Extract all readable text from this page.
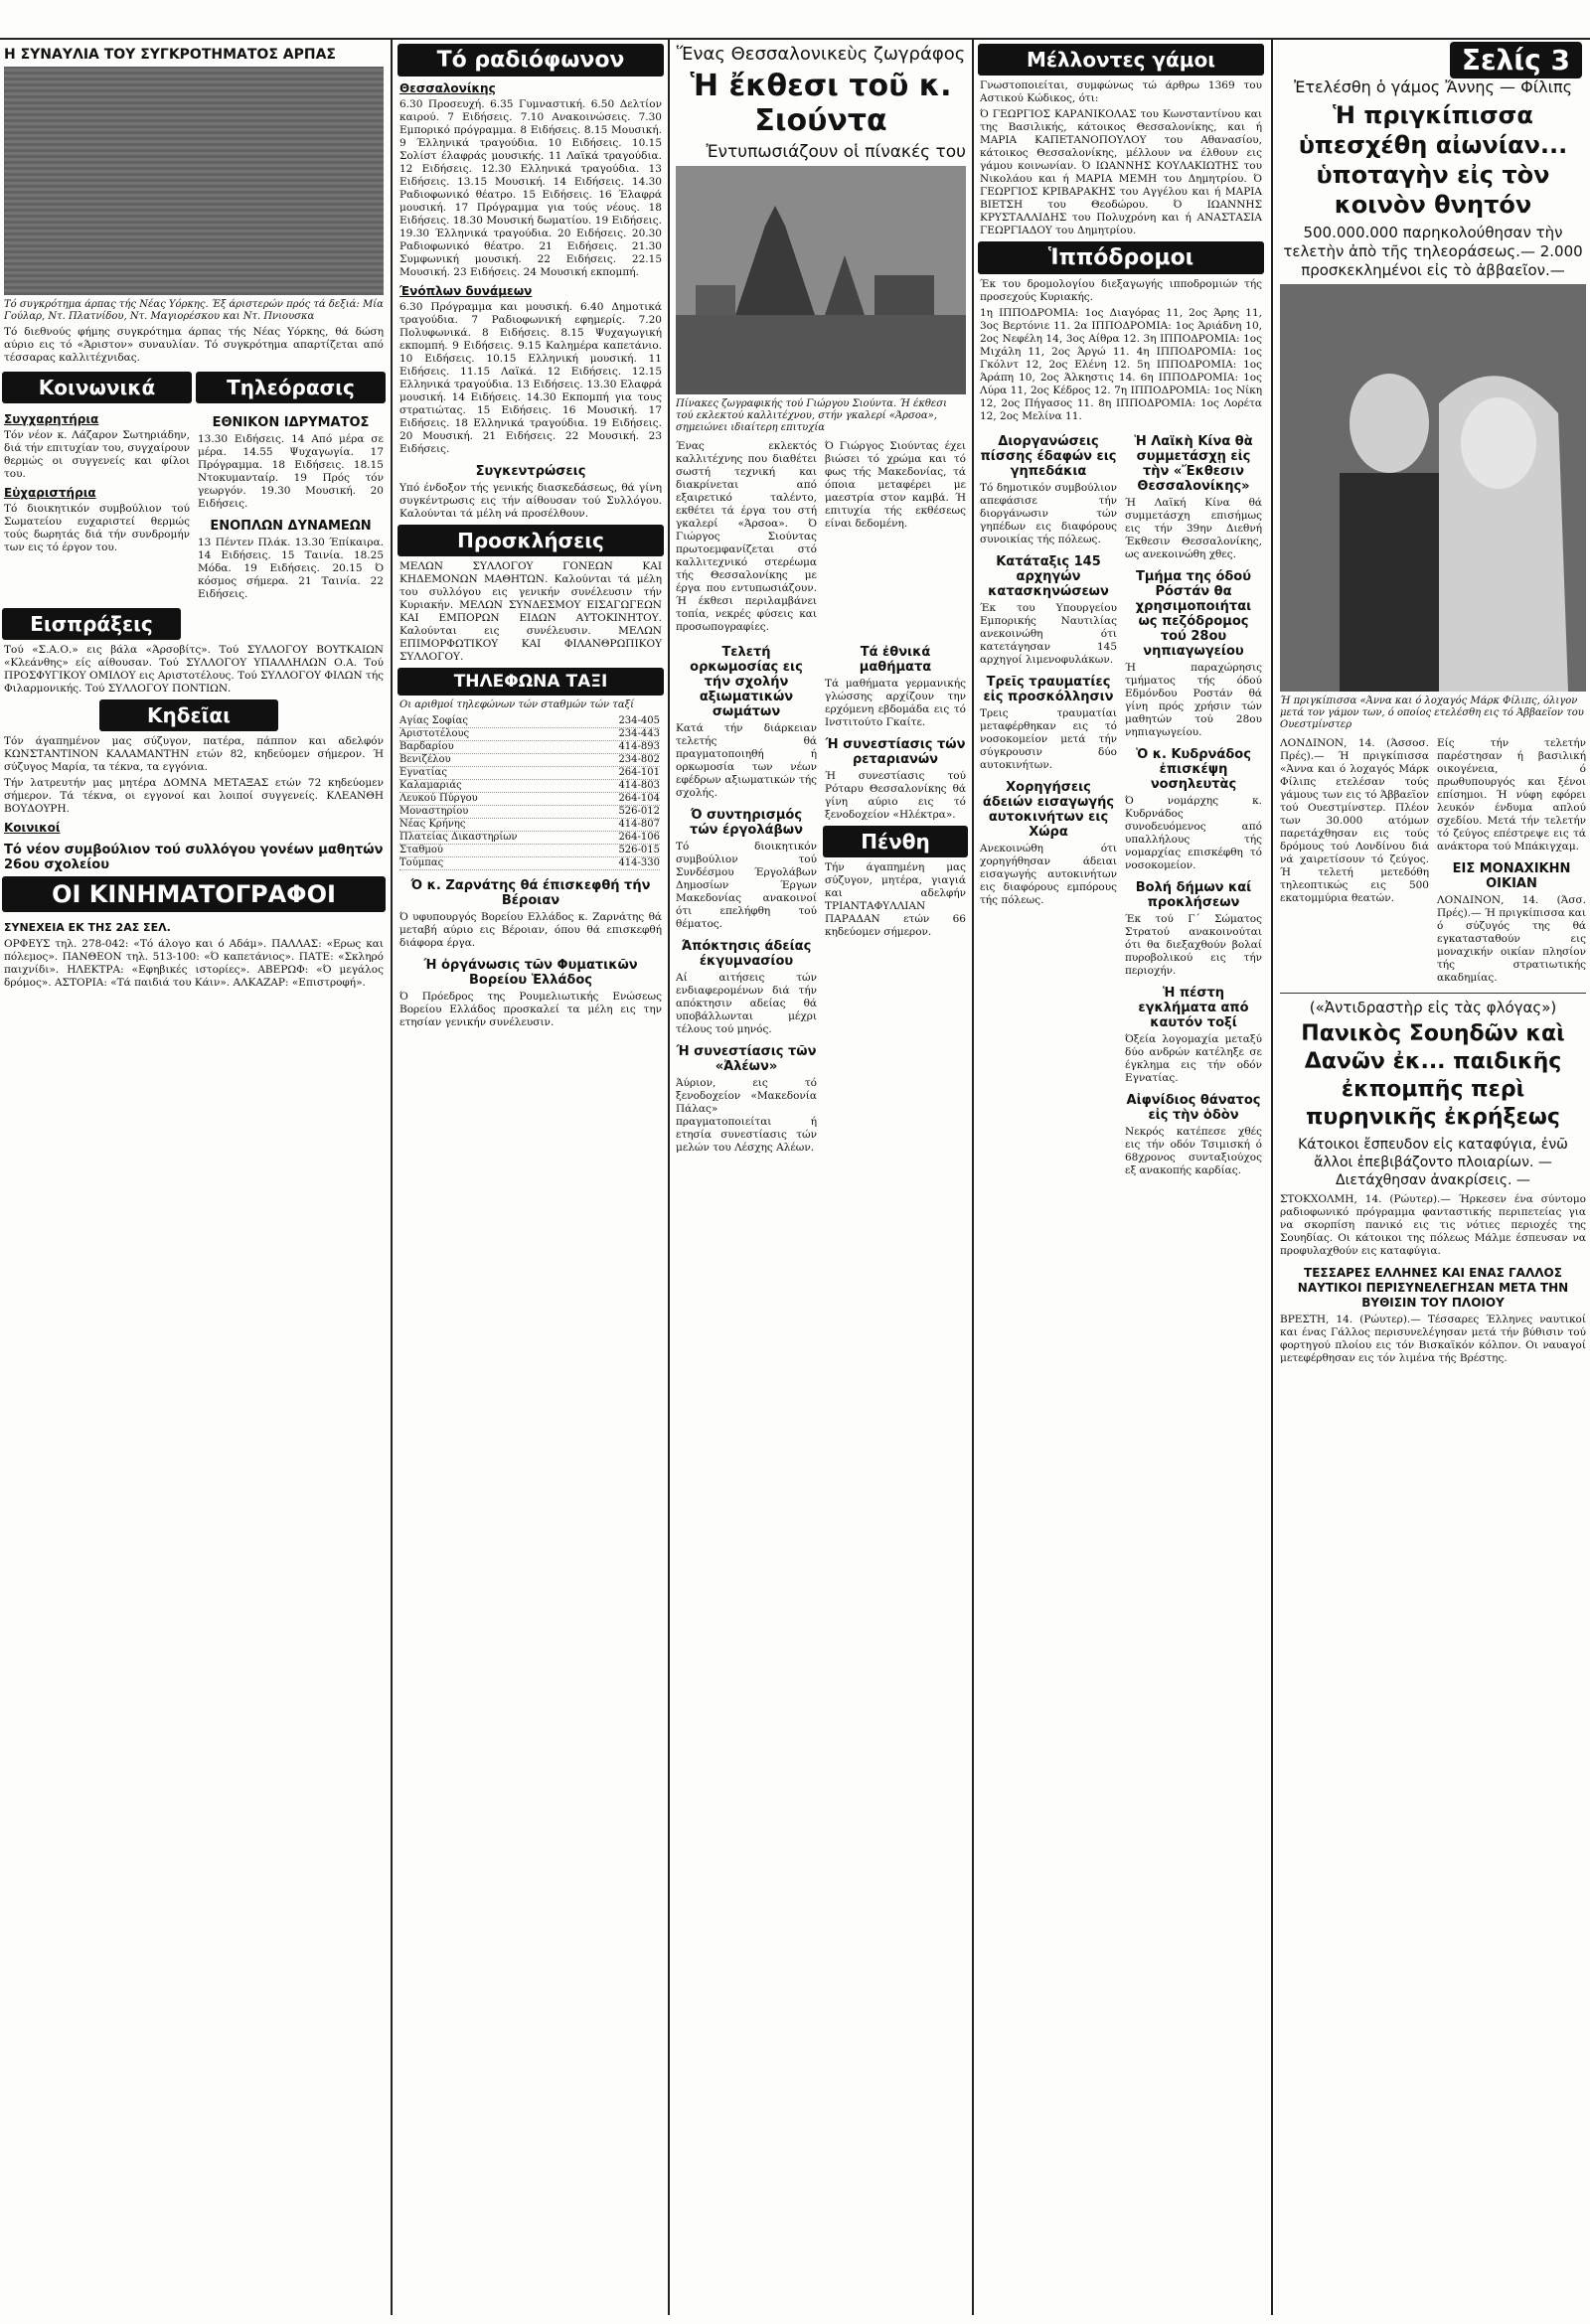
Σελίς 3
Η ΣΥΝΑΥΛΙΑ ΤΟΥ ΣΥΓΚΡΟΤΗΜΑΤΟΣ ΑΡΠΑΣ
Τό συγκρότημα άρπας τής Νέας Υόρκης. Έξ άριστερών πρός τά δεξιά: Μία Γούλαρ, Ντ. Πλατνίδου, Ντ. Μαγιορέσκου και Ντ. Πνιουσκα

Τό διεθνούς φήμης συγκρότημα άρπας τής Νέας Υόρκης, θά δώση αύριο εις τό «Άριστον» συναυλίαν. Τό συγκρότημα απαρτίζεται από τέσσαρας καλλιτέχνιδας.

Κοινωνικά	Τηλεόρασις
Συγχαρητήρια

Τόν νέον κ. Λάζαρον Σωτηριάδην, διά τήν επιτυχίαν του, συγχαίρουν θερμώς οι συγγενείς και φίλοι του.

Εὐχαριστήρια

Τό διοικητικόν συμβούλιον τού Σωματείου ευχαριστεί θερμώς τούς δωρητάς διά τήν συνδρομήν των εις τό έργον του.

ΕΘΝΙΚΟΝ ΙΔΡΥΜΑΤΟΣ

13.30 Ειδήσεις. 14 Από μέρα σε μέρα. 14.55 Ψυχαγωγία. 17 Πρόγραμμα. 18 Ειδήσεις. 18.15 Ντοκυμανταίρ. 19 Πρός τόν γεωργόν. 19.30 Μουσική. 20 Ειδήσεις.

ΕΝΟΠΛΩΝ ΔΥΝΑΜΕΩΝ

13 Πέντεν Πλάκ. 13.30 Έπίκαιρα. 14 Ειδήσεις. 15 Ταινία. 18.25 Μόδα. 19 Ειδήσεις. 20.15 Ό κόσμος σήμερα. 21 Ταινία. 22 Ειδήσεις.

Εισπράξεις

Τού «Σ.Α.Ο.» εις βάλα «Άρσοβίτς». Τού ΣΥΛΛΟΓΟΥ ΒΟΥΤΚΑΙΩΝ «Κλεάνθης» είς αίθουσαν. Τού ΣΥΛΛΟΓΟΥ ΥΠΑΛΛΗΛΩΝ Ο.Α. Τού ΠΡΟΣΦΥΓΙΚΟΥ ΟΜΙΛΟΥ εις Αριστοτέλους. Τού ΣΥΛΛΟΓΟΥ ΦΙΛΩΝ τής Φιλαρμονικής. Τού ΣΥΛΛΟΓΟΥ ΠΟΝΤΙΩΝ.

Κηδεῖαι

Τόν άγαπημένον μας σύζυγον, πατέρα, πάππον και αδελφόν ΚΩΝΣΤΑΝΤΙΝΟΝ ΚΑΛΑΜΑΝΤΗΝ ετών 82, κηδεύομεν σήμερον. Ή σύζυγος Μαρία, τα τέκνα, τα εγγόνια.

Τήν λατρευτήν μας μητέρα ΔΟΜΝΑ ΜΕΤΑΞΑΣ ετών 72 κηδεύομεν σήμερον. Τά τέκνα, οι εγγονοί και λοιποί συγγενείς. ΚΛΕΑΝΘΗ ΒΟΥΔΟΥΡΗ.

Κοινικοί
Τό νέον συμβούλιον τού συλλόγου γονέων μαθητών 26ου σχολείου
ΟΙ ΚΙΝΗΜΑΤΟΓΡΑΦΟΙ
ΣΥΝΕΧΕΙΑ ΕΚ ΤΗΣ 2ΑΣ ΣΕΛ.

ΟΡΦΕΥΣ τηλ. 278-042: «Τό άλογο και ό Αδάμ». ΠΑΛΛΑΣ: «Ερως και πόλεμος». ΠΑΝΘΕΟΝ τηλ. 513-100: «Ό καπετάνιος». ΠΑΤΕ: «Σκληρό παιχνίδι». ΗΛΕΚΤΡΑ: «Εφηβικές ιστορίες». ΑΒΕΡΩΦ: «Ό μεγάλος δρόμος». ΑΣΤΟΡΙΑ: «Τά παιδιά του Κάιν». ΑΛΚΑΖΑΡ: «Επιστροφή».

Τό ραδιόφωνον
Θεσσαλονίκης

6.30 Προσευχή. 6.35 Γυμναστική. 6.50 Δελτίον καιρού. 7 Ειδήσεις. 7.10 Ανακοινώσεις. 7.30 Εμπορικό πρόγραμμα. 8 Ειδήσεις. 8.15 Μουσική. 9 Έλληνικά τραγούδια. 10 Ειδήσεις. 10.15 Σολίστ έλαφράς μουσικής. 11 Λαϊκά τραγούδια. 12 Ειδήσεις. 12.30 Ελληνικά τραγούδια. 13 Ειδήσεις. 13.15 Μουσική. 14 Ειδήσεις. 14.30 Ραδιοφωνικό θέατρο. 15 Ειδήσεις. 16 Έλαφρά μουσική. 17 Πρόγραμμα για τούς νέους. 18 Ειδήσεις. 18.30 Μουσική δωματίου. 19 Ειδήσεις. 19.30 Έλληνικά τραγούδια. 20 Ειδήσεις. 20.30 Ραδιοφωνικό θέατρο. 21 Ειδήσεις. 21.30 Συμφωνική μουσική. 22 Ειδήσεις. 22.15 Μουσική. 23 Ειδήσεις. 24 Μουσική εκπομπή.

Ένόπλων δυνάμεων

6.30 Πρόγραμμα και μουσική. 6.40 Δημοτικά τραγούδια. 7 Ραδιοφωνική εφημερίς. 7.20 Πολυφωνικά. 8 Ειδήσεις. 8.15 Ψυχαγωγική εκπομπή. 9 Ειδήσεις. 9.15 Καλημέρα καπετάνιο. 10 Ειδήσεις. 10.15 Ελληνική μουσική. 11 Ειδήσεις. 11.15 Λαϊκά. 12 Ειδήσεις. 12.15 Ελληνικά τραγούδια. 13 Ειδήσεις. 13.30 Ελαφρά μουσική. 14 Ειδήσεις. 14.30 Εκπομπή για τους στρατιώτας. 15 Ειδήσεις. 16 Μουσική. 17 Ειδήσεις. 18 Ελληνικά τραγούδια. 19 Ειδήσεις. 20 Μουσική. 21 Ειδήσεις. 22 Μουσική. 23 Ειδήσεις.

Συγκεντρώσεις

Υπό ένδοξον τής γενικής διασκεδάσεως, θά γίνη συγκέντρωσις εις τήν αίθουσαν τού Συλλόγου. Καλούνται τά μέλη νά προσέλθουν.

Προσκλήσεις

ΜΕΛΩΝ ΣΥΛΛΟΓΟΥ ΓΟΝΕΩΝ ΚΑΙ ΚΗΔΕΜΟΝΩΝ ΜΑΘΗΤΩΝ. Καλούνται τά μέλη του συλλόγου εις γενικήν συνέλευσιν τήν Κυριακήν. ΜΕΛΩΝ ΣΥΝΔΕΣΜΟΥ ΕΙΣΑΓΩΓΕΩΝ ΚΑΙ ΕΜΠΟΡΩΝ ΕΙΔΩΝ ΑΥΤΟΚΙΝΗΤΟΥ. Καλούνται εις συνέλευσιν. ΜΕΛΩΝ ΕΠΙΜΟΡΦΩΤΙΚΟΥ ΚΑΙ ΦΙΛΑΝΘΡΩΠΙΚΟΥ ΣΥΛΛΟΓΟΥ.

ΤΗΛΕΦΩΝΑ ΤΑΞΙ
Οι αριθμοί τηλεφώνων τών σταθμών τών ταξί
Αγίας Σοφίας	234-405
Αριστοτέλους	234-443
Βαρδαρίου	414-893
Βενιζέλου	234-802
Εγνατίας	264-101
Καλαμαριάς	414-803
Λευκού Πύργου	264-104
Μοναστηρίου	526-012
Νέας Κρήνης	414-807
Πλατείας Δικαστηρίων	264-106
Σταθμού	526-015
Τούμπας	414-330
Ό κ. Ζαρνάτης θά έπισκεφθή τήν Βέροιαν

Ό υφυπουργός Βορείου Ελλάδος κ. Ζαρνάτης θά μεταβή αύριο εις Βέροιαν, όπου θά επισκεφθή διάφορα έργα.

Ή ὀργάνωσις τῶν Φυματικῶν Βορείου Ἑλλάδος

Ό Πρόεδρος της Ρουμελιωτικής Ενώσεως Βορείου Ελλάδος προσκαλεί τα μέλη εις την ετησίαν γενικήν συνέλευσιν.

Ἕνας Θεσσαλονικεὺς ζωγράφος
Ἡ ἔκθεσι τοῦ κ. Σιούντα
Ἐντυπωσιάζουν οἱ πίνακές του
Πίνακες ζωγραφικής τού Γιώργου Σιούντα. Ή έκθεσι τού εκλεκτού καλλιτέχνου, στήν γκαλερί «Άρσοα», σημειώνει ιδιαίτερη επιτυχία

Ένας εκλεκτός καλλιτέχνης που διαθέτει σωστή τεχνική και διακρίνεται από εξαιρετικό ταλέντο, εκθέτει τά έργα του στή γκαλερί «Άρσοα». Ό Γιώργος Σιούντας πρωτοεμφανίζεται στό καλλιτεχνικό στερέωμα τής Θεσσαλονίκης με έργα που εντυπωσιάζουν. Ή έκθεσι περιλαμβάνει τοπία, νεκρές φύσεις και προσωπογραφίες.

Ό Γιώργος Σιούντας έχει βιώσει τό χρώμα και τό φως τής Μακεδονίας, τά όποια μεταφέρει με μαεστρία στον καμβά. Ή επιτυχία τής εκθέσεως είναι δεδομένη.

Τελετή ορκωμοσίας εις τήν σχολήν αξιωματικών σωμάτων

Κατά τήν διάρκειαν τελετής θά πραγματοποιηθή ή ορκωμοσία των νέων εφέδρων αξιωματικών τής σχολής.

Ό συντηρισμός τών έργολάβων

Τό διοικητικόν συμβούλιον τού Συνδέσμου Έργολάβων Δημοσίων Έργων Μακεδονίας ανακοινοί ότι επελήφθη τού θέματος.

Άπόκτησις άδείας έκγυμνασίου

Αί αιτήσεις τών ενδιαφερομένων διά τήν απόκτησιν αδείας θά υποβάλλωνται μέχρι τέλους τού μηνός.

Ή συνεστίασις τῶν «Ἀλέων»

Άύριον, εις τό ξενοδοχείον «Μακεδονία Πάλας» πραγματοποιείται ή ετησία συνεστίασις τών μελών του Λέσχης Αλέων.

Τά ἐθνικά μαθήματα

Τά μαθήματα γερμανικής γλώσσης αρχίζουν την ερχόμενη εβδομάδα εις τό Ινστιτούτο Γκαίτε.

Ή συνεστίασις τών ρεταριανών

Ή συνεστίασις τού Ρόταρυ Θεσσαλονίκης θά γίνη αύριο εις τό ξενοδοχείον «Ηλέκτρα».

Πένθη

Τήν άγαπημένη μας σύζυγον, μητέρα, γιαγιά και αδελφήν ΤΡΙΑΝΤΑΦΥΛΛΙΑΝ ΠΑΡΑΔΑΝ ετών 66 κηδεύομεν σήμερον.

Μέλλοντες γάμοι

Γνωστοποιείται, συμφώνως τώ άρθρω 1369 του Αστικού Κώδικος, ότι:

Ό ΓΕΩΡΓΙΟΣ ΚΑΡΑΝΙΚΟΛΑΣ του Κωνσταντίνου και της Βασιλικής, κάτοικος Θεσσαλονίκης, και ή ΜΑΡΙΑ ΚΑΠΕΤΑΝΟΠΟΥΛΟΥ του Αθανασίου, κάτοικος Θεσσαλονίκης, μέλλουν να έλθουν εις γάμου κοινωνίαν. Ό ΙΩΑΝΝΗΣ ΚΟΥΛΑΚΙΩΤΗΣ του Νικολάου και ή ΜΑΡΙΑ ΜΕΜΗ του Δημητρίου. Ό ΓΕΩΡΓΙΟΣ ΚΡΙΒΑΡΑΚΗΣ του Αγγέλου και ή ΜΑΡΙΑ ΒΙΕΤΣΗ του Θεοδώρου. Ό ΙΩΑΝΝΗΣ ΚΡΥΣΤΑΛΛΙΔΗΣ του Πολυχρόνη και ή ΑΝΑΣΤΑΣΙΑ ΓΕΩΡΓΙΑΔΟΥ του Δημητρίου.

Ἱππόδρομοι

Έκ του δρομολογίου διεξαγωγής ιπποδρομιών τής προσεχούς Κυριακής.

1η ΙΠΠΟΔΡΟΜΙΑ: 1ος Διαγόρας 11, 2ος Άρης 11, 3ος Βερτόνιε 11. 2α ΙΠΠΟΔΡΟΜΙΑ: 1ος Άριάδνη 10, 2ος Νεφέλη 14, 3ος Αίθρα 12. 3η ΙΠΠΟΔΡΟΜΙΑ: 1ος Μιχάλη 11, 2ος Άργώ 11. 4η ΙΠΠΟΔΡΟΜΙΑ: 1ος Γκόλντ 12, 2ος Ελένη 12. 5η ΙΠΠΟΔΡΟΜΙΑ: 1ος Άράπη 10, 2ος Άλκηστις 14. 6η ΙΠΠΟΔΡΟΜΙΑ: 1ος Λύρα 11, 2ος Κέδρος 12. 7η ΙΠΠΟΔΡΟΜΙΑ: 1ος Νίκη 12, 2ος Πήγασος 11. 8η ΙΠΠΟΔΡΟΜΙΑ: 1ος Λορέτα 12, 2ος Μελίνα 11.

Διοργανώσεις πίσσης έδαφών εις γηπεδάκια

Τό δημοτικόν συμβούλιον απεφάσισε τήν διοργάνωσιν τών γηπέδων εις διαφόρους συνοικίας τής πόλεως.

Κατάταξις 145 αρχηγών κατασκηνώσεων

Έκ του Υπουργείου Εμπορικής Ναυτιλίας ανεκοινώθη ότι κατετάγησαν 145 αρχηγοί λιμενοφυλάκων.

Τρεῖς τραυματίες εἰς προσκόλλησιν

Τρεις τραυματίαι μεταφέρθηκαν εις τό νοσοκομείον μετά τήν σύγκρουσιν δύο αυτοκινήτων.

Χορηγήσεις άδειών εισαγωγής αυτοκινήτων εις Χώρα

Ανεκοινώθη ότι χορηγήθησαν άδειαι εισαγωγής αυτοκινήτων εις διαφόρους εμπόρους τής πόλεως.

Ἡ Λαϊκὴ Κίνα θὰ συμμετάσχῃ εἰς τὴν «Ἔκθεσιν Θεσσαλονίκης»

Ή Λαϊκή Κίνα θά συμμετάσχη επισήμως εις τήν 39ην Διεθνή Έκθεσιν Θεσσαλονίκης, ως ανεκοινώθη χθες.

Τμήμα της όδού Ρόστάν θα χρησιμοποιήται ως πεζόδρομος τού 28ου νηπιαγωγείου

Ή παραχώρησις τμήματος τής όδού Εδμόνδου Ροστάν θά γίνη πρός χρήσιν τών μαθητών τού 28ου νηπιαγωγείου.

Ὁ κ. Κυδρνάδος ἐπισκέψη νοσηλευτὰς

Ό νομάρχης κ. Κυδρνάδος συνοδευόμενος από υπαλλήλους τής νομαρχίας επισκέφθη τό νοσοκομείον.

Βολή δήμων καί προκλήσεων

Έκ τού Γ΄ Σώματος Στρατού ανακοινούται ότι θα διεξαχθούν βολαί πυροβολικού εις τήν περιοχήν.

Ἡ πέστη εγκλήματα από καυτόν τοξί

Όξεία λογομαχία μεταξύ δύο ανδρών κατέληξε σε έγκλημα εις τήν οδόν Εγνατίας.

Αἰφνίδιος θάνατος εἰς τὴν ὁδὸν

Νεκρός κατέπεσε χθές εις τήν οδόν Τσιμισκή ό 68χρονος συνταξιούχος εξ ανακοπής καρδίας.

Ἐτελέσθη ὁ γάμος Ἄννης — Φίλιπς
Ἡ πριγκίπισσα ὑπεσχέθη αἰωνίαν... ὑποταγὴν εἰς τὸν κοινὸν θνητόν
500.000.000 παρηκολούθησαν τὴν τελετὴν ἀπὸ τῆς τηλεοράσεως.— 2.000 προσκεκλημένοι εἰς τὸ ἀββαεῖον.—
Ή πριγκίπισσα «Άννα και ό λοχαγός Μάρκ Φίλιπς, όλιγον μετά τον γάμον των, ό οποίος ετελέσθη εις τό Άββαεϊον του Ουεστμίνστερ

ΛΟΝΔΙΝΟΝ, 14. (Άσσοσ. Πρές).— Ή πριγκίπισσα «Άννα και ό λοχαγός Μάρκ Φίλιπς ετελέσαν τούς γάμους των εις τό Άββαεϊον τού Ουεστμίνστερ. Πλέον των 30.000 ατόμων παρετάχθησαν εις τούς δρόμους τού Λονδίνου διά νά χαιρετίσουν τό ζεύγος. Ή τελετή μετεδόθη τηλεοπτικώς εις 500 εκατομμύρια θεατών.

Είς τήν τελετήν παρέστησαν ή βασιλική οικογένεια, ό πρωθυπουργός και ξένοι επίσημοι. Ή νύφη εφόρει λευκόν ένδυμα απλού σχεδίου. Μετά τήν τελετήν τό ζεύγος επέστρεψε εις τά ανάκτορα τού Μπάκιγχαμ.

ΕΙΣ ΜΟΝΑΧΙΚΗΝ ΟΙΚΙΑΝ

ΛΟΝΔΙΝΟΝ, 14. (Άσσ. Πρές).— Ή πριγκίπισσα και ό σύζυγός της θά εγκατασταθούν εις μοναχικήν οικίαν πλησίον τής στρατιωτικής ακαδημίας.

(«Ἀντιδραστὴρ εἰς τὰς φλόγας»)
Πανικὸς Σουηδῶν καὶ Δανῶν ἐκ... παιδικῆς ἐκπομπῆς περὶ πυρηνικῆς ἐκρήξεως
Κάτοικοι ἔσπευδον εἰς καταφύγια, ἐνῶ ἄλλοι ἐπεβιβάζοντο πλοιαρίων. — Διετάχθησαν ἀνακρίσεις. —

ΣΤΟΚΧΟΛΜΗ, 14. (Ρώυτερ).— Ήρκεσεν ένα σύντομο ραδιοφωνικό πρόγραμμα φανταστικής περιπετείας για να σκορπίση πανικό εις τις νότιες περιοχές της Σουηδίας. Οι κάτοικοι της πόλεως Μάλμε έσπευσαν να προφυλαχθούν εις καταφύγια.

ΤΕΣΣΑΡΕΣ ΕΛΛΗΝΕΣ ΚΑΙ ΕΝΑΣ ΓΑΛΛΟΣ ΝΑΥΤΙΚΟΙ ΠΕΡΙΣΥΝΕΛΕΓΗΣΑΝ ΜΕΤΑ ΤΗΝ ΒΥΘΙΣΙΝ ΤΟΥ ΠΛΟΙΟΥ

ΒΡΕΣΤΗ, 14. (Ρώυτερ).— Τέσσαρες Έλληνες ναυτικοί και ένας Γάλλος περισυνελέγησαν μετά τήν βύθισιν τού φορτηγού πλοίου εις τόν Βισκαϊκόν κόλπον. Οι ναυαγοί μετεφέρθησαν εις τόν λιμένα τής Βρέστης.
